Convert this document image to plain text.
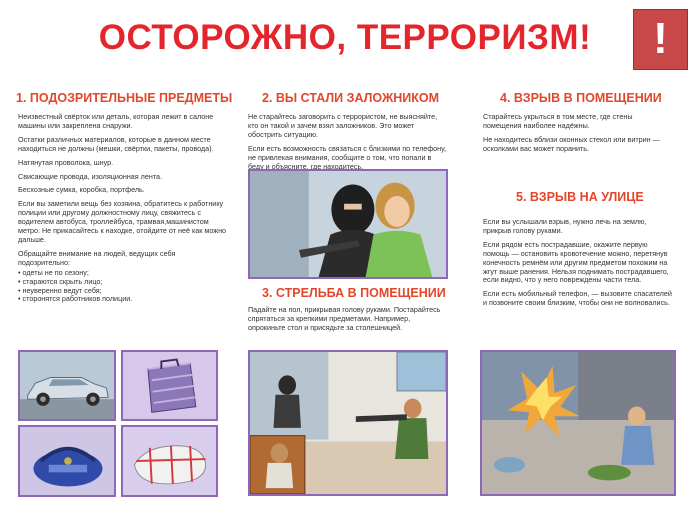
ОСТОРОЖНО, ТЕРРОРИЗМ!	!
1. ПОДОЗРИТЕЛЬНЫЕ ПРЕДМЕТЫ

Неизвестный свёрток или деталь, которая лежит в салоне машины или закреплена снаружи.

Остатки различных материалов, которые в данном месте находиться не должны (мешки, свёртки, пакеты, провода).

Натянутая проволока, шнур.

Свисающие провода, изоляционная лента.

Бесхозные сумка, коробка, портфель.

Если вы заметили вещь без хозяина, обратитесь к работнику полиции или другому должностному лицу, свяжитесь с водителем автобуса, троллейбуса, трамвая,машинистом метро. Не прикасайтесь к находке, отойдите от неё как можно дальше.

Обращайте внимание на людей, ведущих себя подозрительно:

• одеты не по сезону;
• стараются скрыть лицо;
• неуверенно ведут себя;
• сторонятся работников полиции.
2. ВЫ СТАЛИ ЗАЛОЖНИКОМ

Не старайтесь заговорить с террористом, не выясняйте, кто он такой и зачем взял заложников. Это может обострить ситуацию.

Если есть возможность связаться с близкими по телефону, не привлекая внимания, сообщите о том, что попали в беду и объясните, где находитесь.

3. СТРЕЛЬБА В ПОМЕЩЕНИИ

Падайте на пол, прикрывая голову руками. Постарайтесь спрятаться за крепкими предметами. Например, опрокиньте стол и присядьте за столешницей.

4. ВЗРЫВ В ПОМЕЩЕНИИ

Старайтесь укрыться в том месте, где стены помещения наиболее надёжны.

Не находитесь вблизи оконных стекол или витрин — осколками вас может поранить.

5. ВЗРЫВ НА УЛИЦЕ

Если вы услышали взрыв, нужно лечь на землю, прикрыв голову руками.

Если рядом есть пострадавшие, окажите первую помощь — остановить кровотечение можно, перетянув конечность ремнём или другим предметом похожим на жгут выше ранения. Нельзя поднимать пострадавшего, если видно, что у него повреждены части тела.

Если есть мобильный телефон, — вызовите спасателей и позвоните своим близким, чтобы они не волновались.
